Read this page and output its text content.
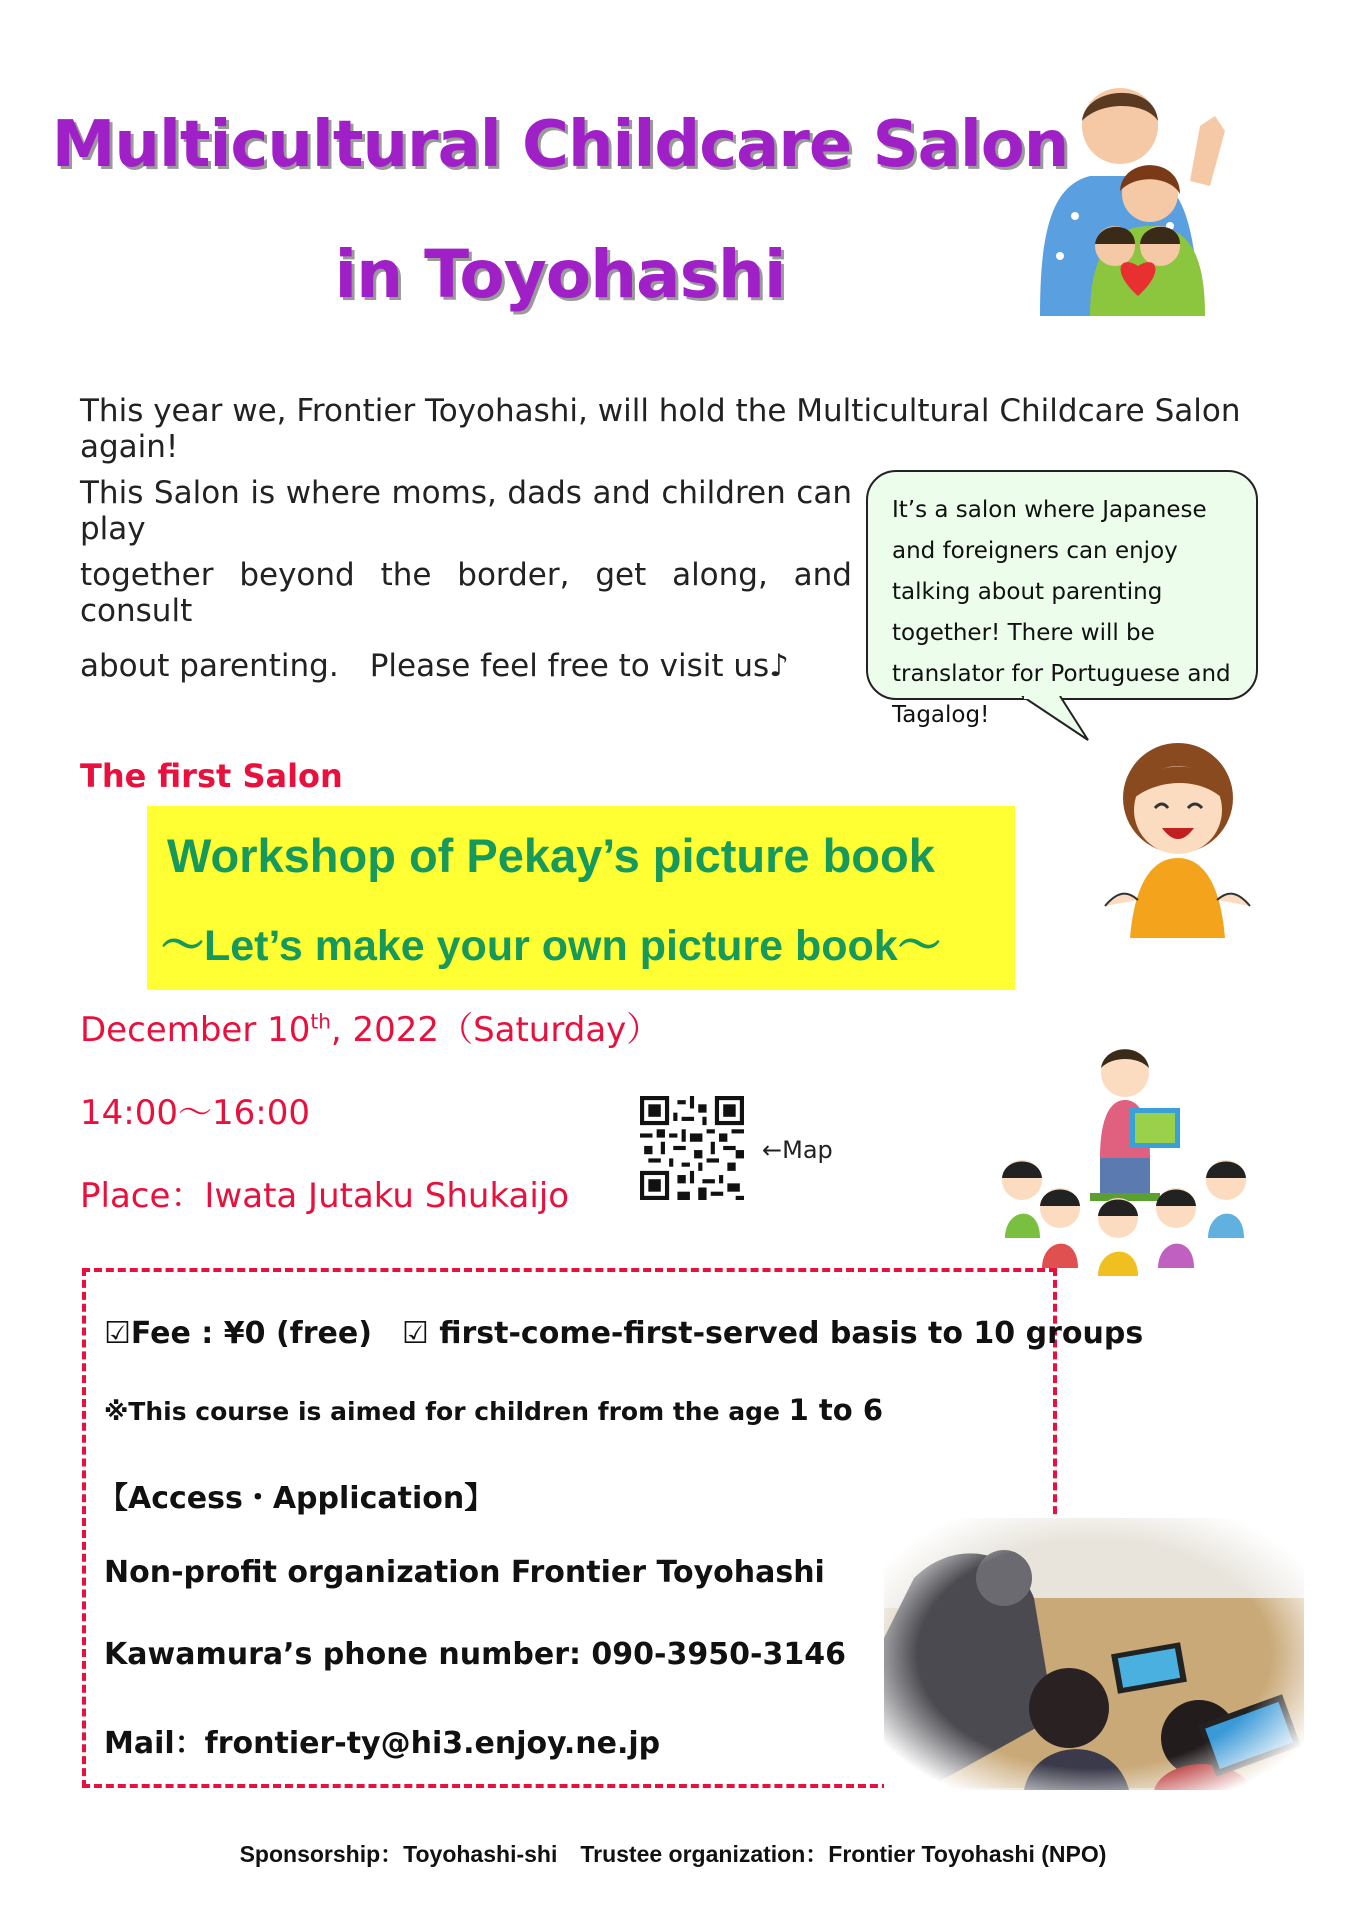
Multicultural Childcare Salon
in Toyohashi
This year we, Frontier Toyohashi, will hold the Multicultural Childcare Salon again!
This Salon is where moms, dads and children can play
together beyond the border, get along, and consult
about parenting.　Please feel free to visit us♪
It’s a salon where Japanese and foreigners can enjoy talking about parenting together! There will be translator for Portuguese and Tagalog!
The first Salon
Workshop of Pekay’s picture book
〜Let’s make your own picture book〜
December 10th, 2022（Saturday）
14:00〜16:00
Place：Iwata Jutaku Shukaijo
←Map
☑Fee : ¥0 (free)　☑ first-come-first-served basis to 10 groups
※This course is aimed for children from the age 1 to 6
【Access・Application】
Non-profit organization Frontier Toyohashi
Kawamura’s phone number: 090-3950-3146
Mail：frontier-ty@hi3.enjoy.ne.jp
Sponsorship：Toyohashi-shi　Trustee organization：Frontier Toyohashi (NPO)
